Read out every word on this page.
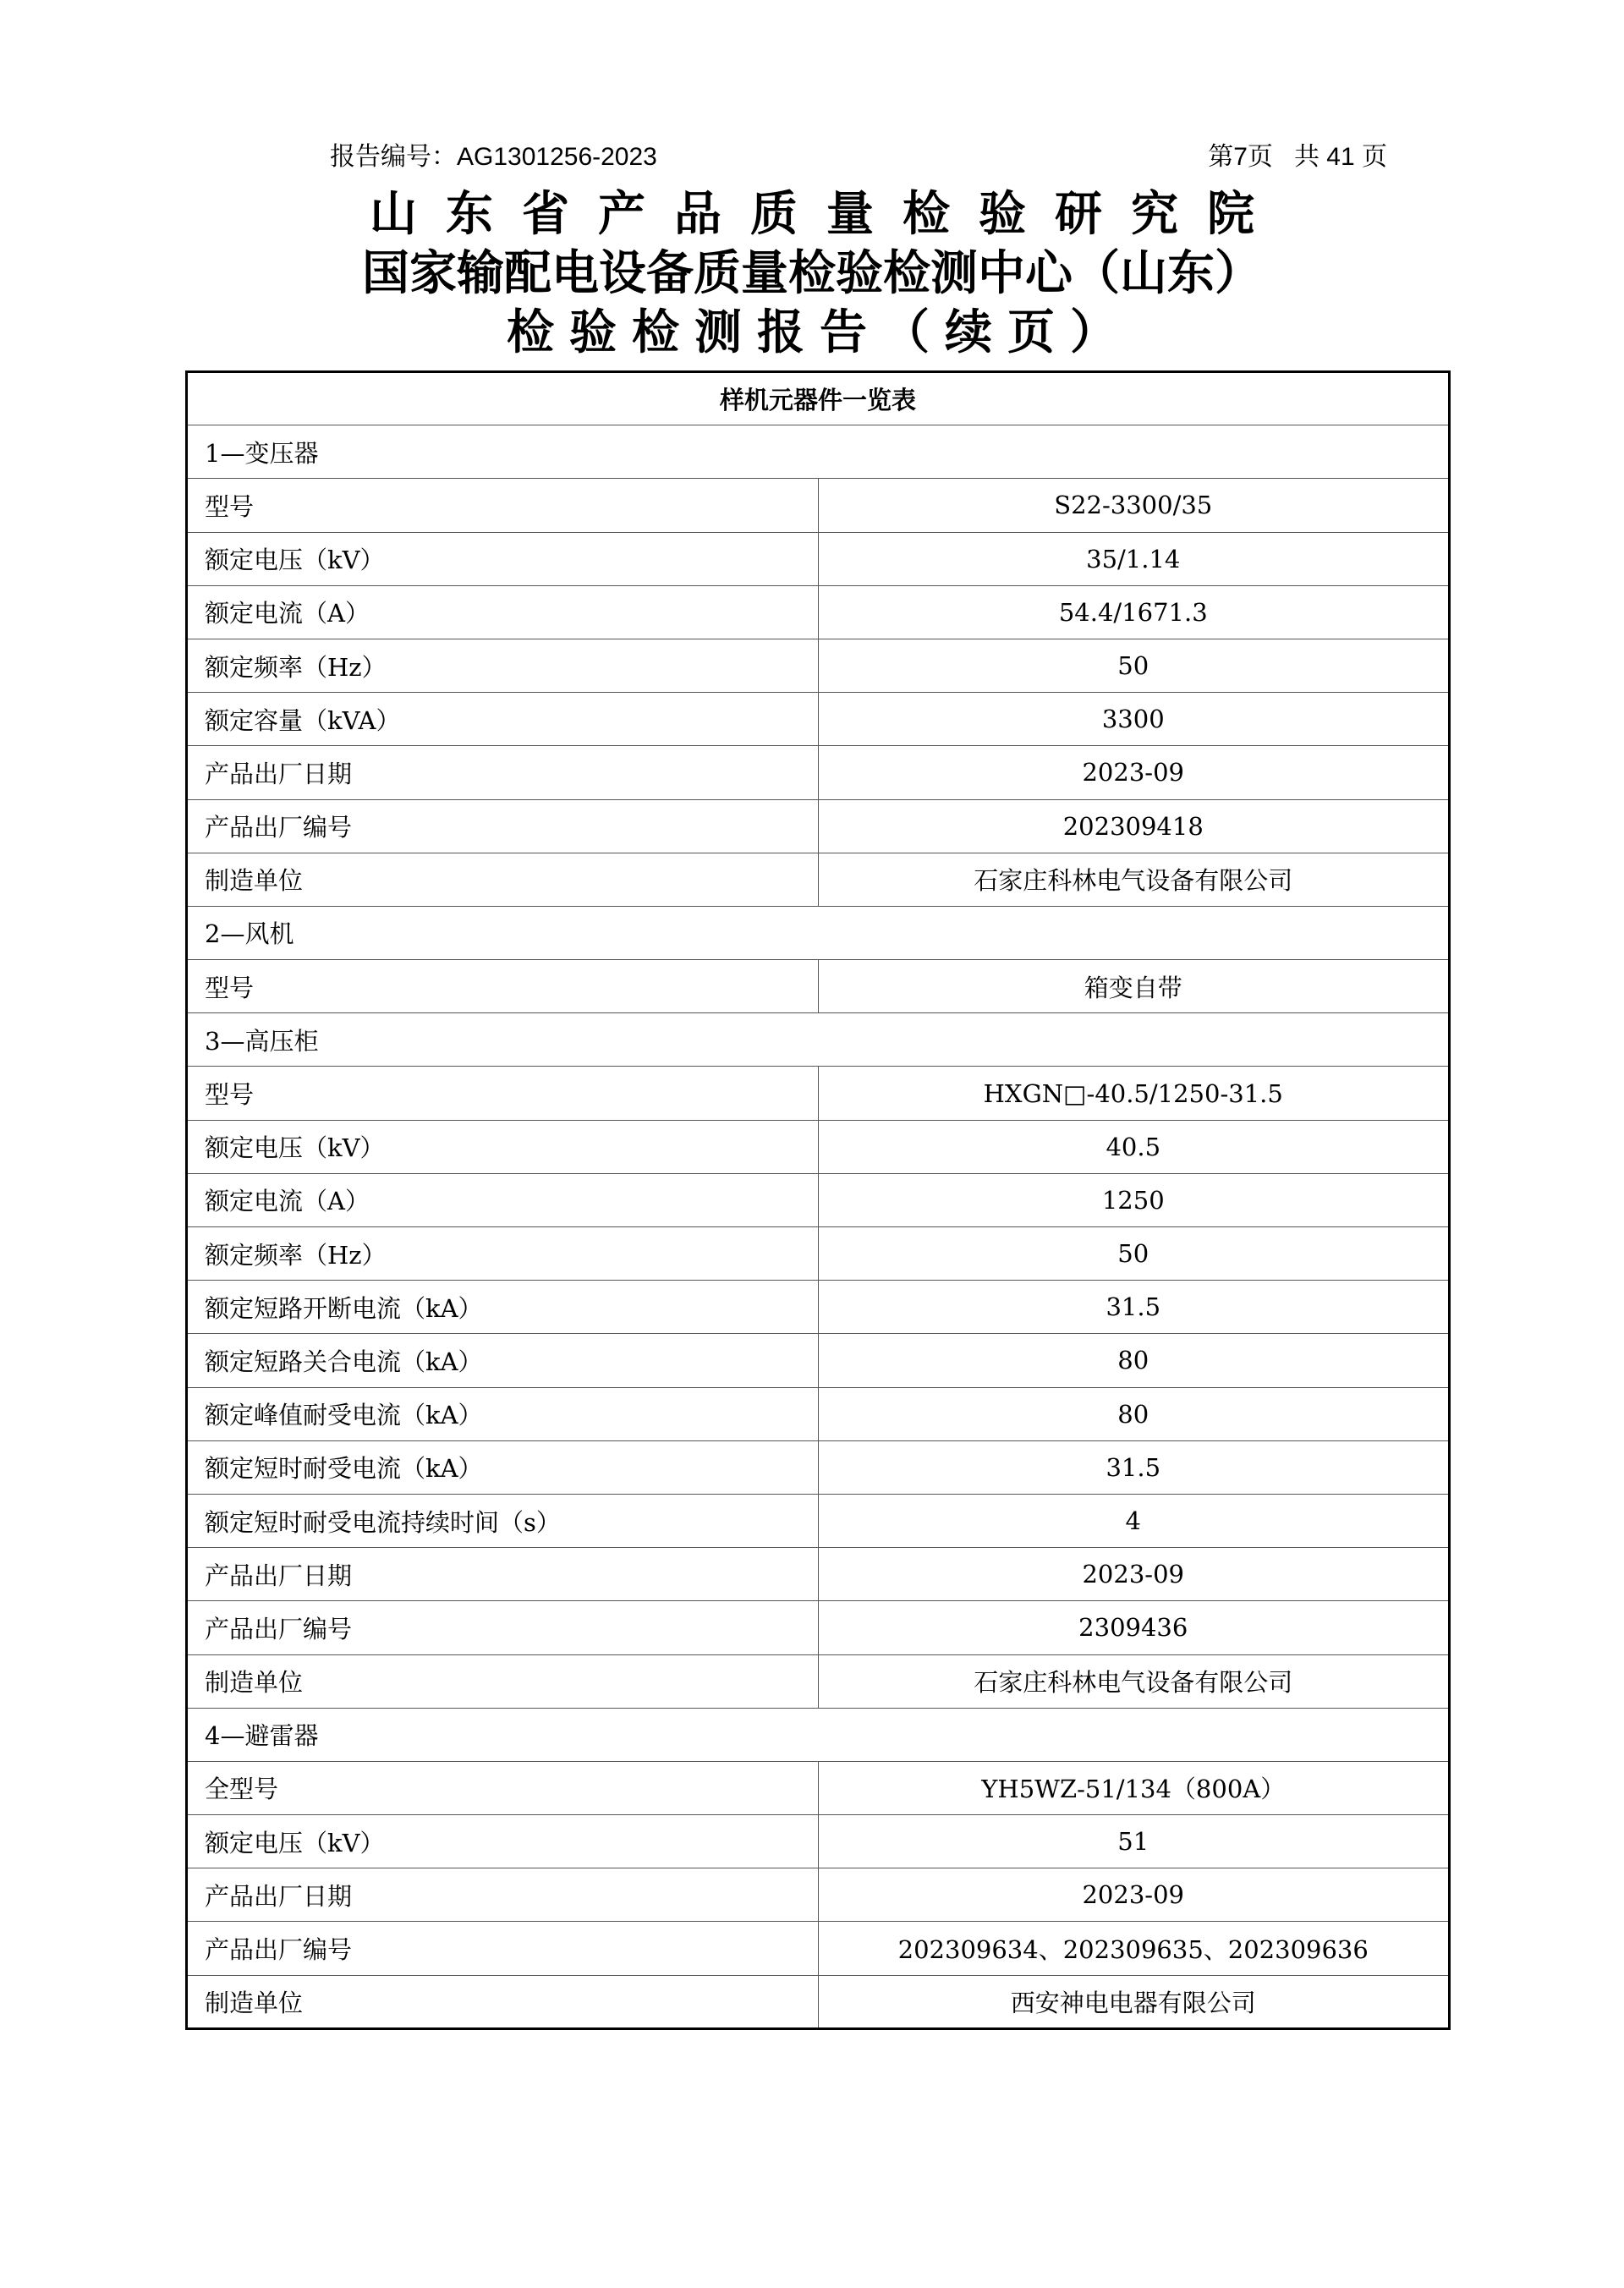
报告编号：AG1301256-2023	第7页 共 41 页
山东省产品质量检验研究院
国家输配电设备质量检验检测中心（山东）
检验检测报告（续页）
样机元器件一览表	
1—变压器	
型号	S22-3300/35
额定电压（kV）	35/1.14
额定电流（A）	54.4/1671.3
额定频率（Hz）	50
额定容量（kVA）	3300
产品出厂日期	2023-09
产品出厂编号	202309418
制造单位	石家庄科林电气设备有限公司
2—风机	
型号	箱变自带
3—高压柜	
型号	HXGN□-40.5/1250-31.5
额定电压（kV）	40.5
额定电流（A）	1250
额定频率（Hz）	50
额定短路开断电流（kA）	31.5
额定短路关合电流（kA）	80
额定峰值耐受电流（kA）	80
额定短时耐受电流（kA）	31.5
额定短时耐受电流持续时间（s）	4
产品出厂日期	2023-09
产品出厂编号	2309436
制造单位	石家庄科林电气设备有限公司
4—避雷器	
全型号	YH5WZ-51/134（800A）
额定电压（kV）	51
产品出厂日期	2023-09
产品出厂编号	202309634、202309635、202309636
制造单位	西安神电电器有限公司
